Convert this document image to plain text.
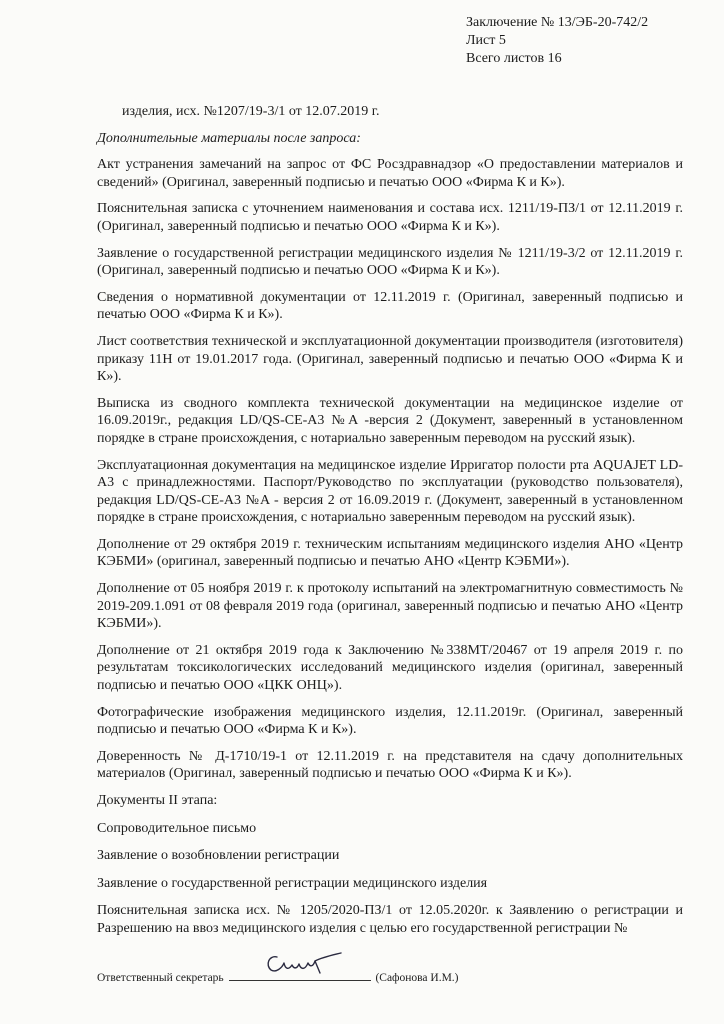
Заключение № 13/ЭБ-20-742/2
Лист 5
Всего листов 16

изделия, исх. №1207/19-3/1 от 12.07.2019 г.

Дополнительные материалы после запроса:

Акт устранения замечаний на запрос от ФС Росздравнадзор «О предоставлении материалов и сведений» (Оригинал, заверенный подписью и печатью ООО «Фирма К и К»).

Пояснительная записка с уточнением наименования и состава исх. 1211/19-ПЗ/1 от 12.11.2019 г. (Оригинал, заверенный подписью и печатью ООО «Фирма К и К»).

Заявление о государственной регистрации медицинского изделия № 1211/19-3/2 от 12.11.2019 г. (Оригинал, заверенный подписью и печатью ООО «Фирма К и К»).

Сведения о нормативной документации от 12.11.2019 г. (Оригинал, заверенный подписью и печатью ООО «Фирма К и К»).

Лист соответствия технической и эксплуатационной документации производителя (изготовителя) приказу 11Н от 19.01.2017 года. (Оригинал, заверенный подписью и печатью ООО «Фирма К и К»).

Выписка из сводного комплекта технической документации на медицинское изделие от 16.09.2019г., редакция LD/QS-CE-A3 №A -версия 2 (Документ, заверенный в установленном порядке в стране происхождения, с нотариально заверенным переводом на русский язык).

Эксплуатационная документация на медицинское изделие Ирригатор полости рта AQUAJET LD-A3 с принадлежностями. Паспорт/Руководство по эксплуатации (руководство пользователя), редакция LD/QS-CE-A3 №A - версия 2 от 16.09.2019 г. (Документ, заверенный в установленном порядке в стране происхождения, с нотариально заверенным переводом на русский язык).

Дополнение от 29 октября 2019 г. техническим испытаниям медицинского изделия АНО «Центр КЭБМИ» (оригинал, заверенный подписью и печатью АНО «Центр КЭБМИ»).

Дополнение от 05 ноября 2019 г. к протоколу испытаний на электромагнитную совместимость № 2019-209.1.091 от 08 февраля 2019 года (оригинал, заверенный подписью и печатью АНО «Центр КЭБМИ»).

Дополнение от 21 октября 2019 года к Заключению №338МТ/20467 от 19 апреля 2019 г. по результатам токсикологических исследований медицинского изделия (оригинал, заверенный подписью и печатью ООО «ЦКК ОНЦ»).

Фотографические изображения медицинского изделия, 12.11.2019г. (Оригинал, заверенный подписью и печатью ООО «Фирма К и К»).

Доверенность № Д-1710/19-1 от 12.11.2019 г. на представителя на сдачу дополнительных материалов (Оригинал, заверенный подписью и печатью ООО «Фирма К и К»).

Документы II этапа:

Сопроводительное письмо

Заявление о возобновлении регистрации

Заявление о государственной регистрации медицинского изделия

Пояснительная записка исх. № 1205/2020-ПЗ/1 от 12.05.2020г. к Заявлению о регистрации и Разрешению на ввоз медицинского изделия с целью его государственной регистрации №

Ответственный секретарь	(Сафонова И.М.)
